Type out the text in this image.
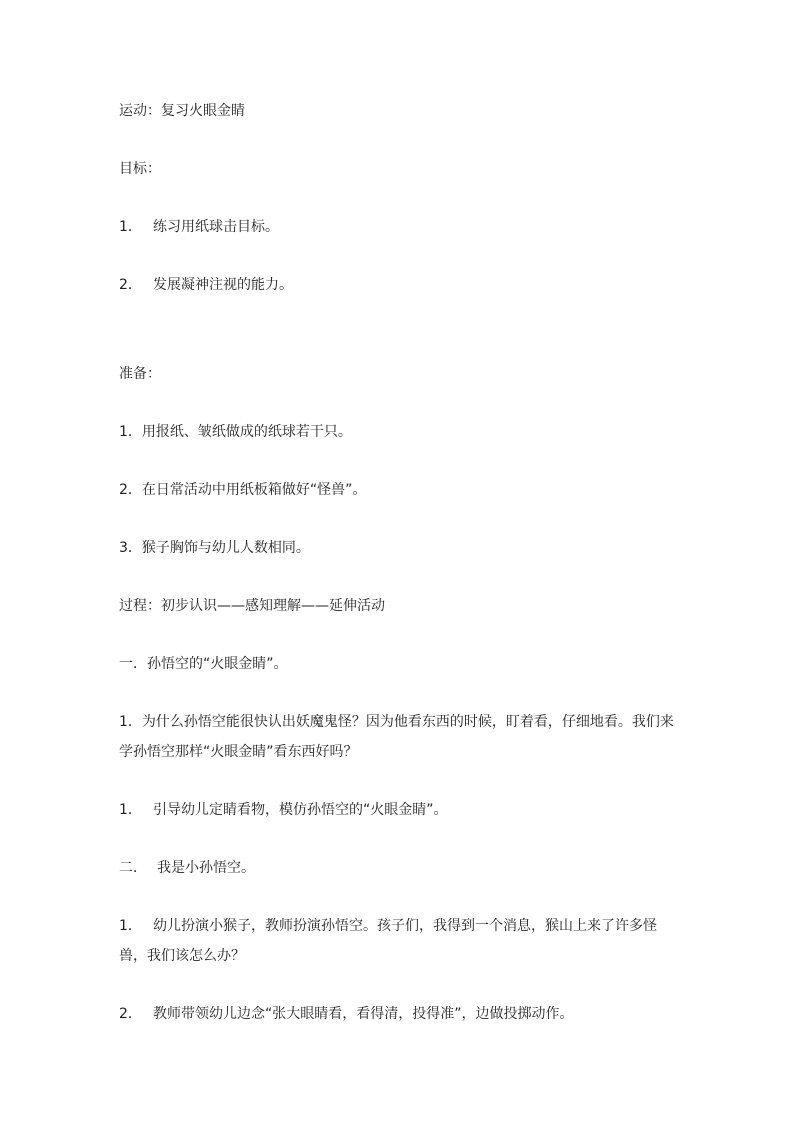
运动：复习火眼金睛

目标：

1． 练习用纸球击目标。

2． 发展凝神注视的能力。

准备：

1．用报纸、皱纸做成的纸球若干只。

2．在日常活动中用纸板箱做好“怪兽”。

3．猴子胸饰与幼儿人数相同。

过程：初步认识——感知理解——延伸活动

一．孙悟空的“火眼金睛”。

1．为什么孙悟空能很快认出妖魔鬼怪？因为他看东西的时候，盯着看，仔细地看。我们来学孙悟空那样“火眼金睛”看东西好吗？

1． 引导幼儿定睛看物，模仿孙悟空的“火眼金睛”。

二． 我是小孙悟空。

1． 幼儿扮演小猴子，教师扮演孙悟空。孩子们，我得到一个消息，猴山上来了许多怪兽，我们该怎么办？

2． 教师带领幼儿边念“张大眼睛看，看得清，投得准”，边做投掷动作。
